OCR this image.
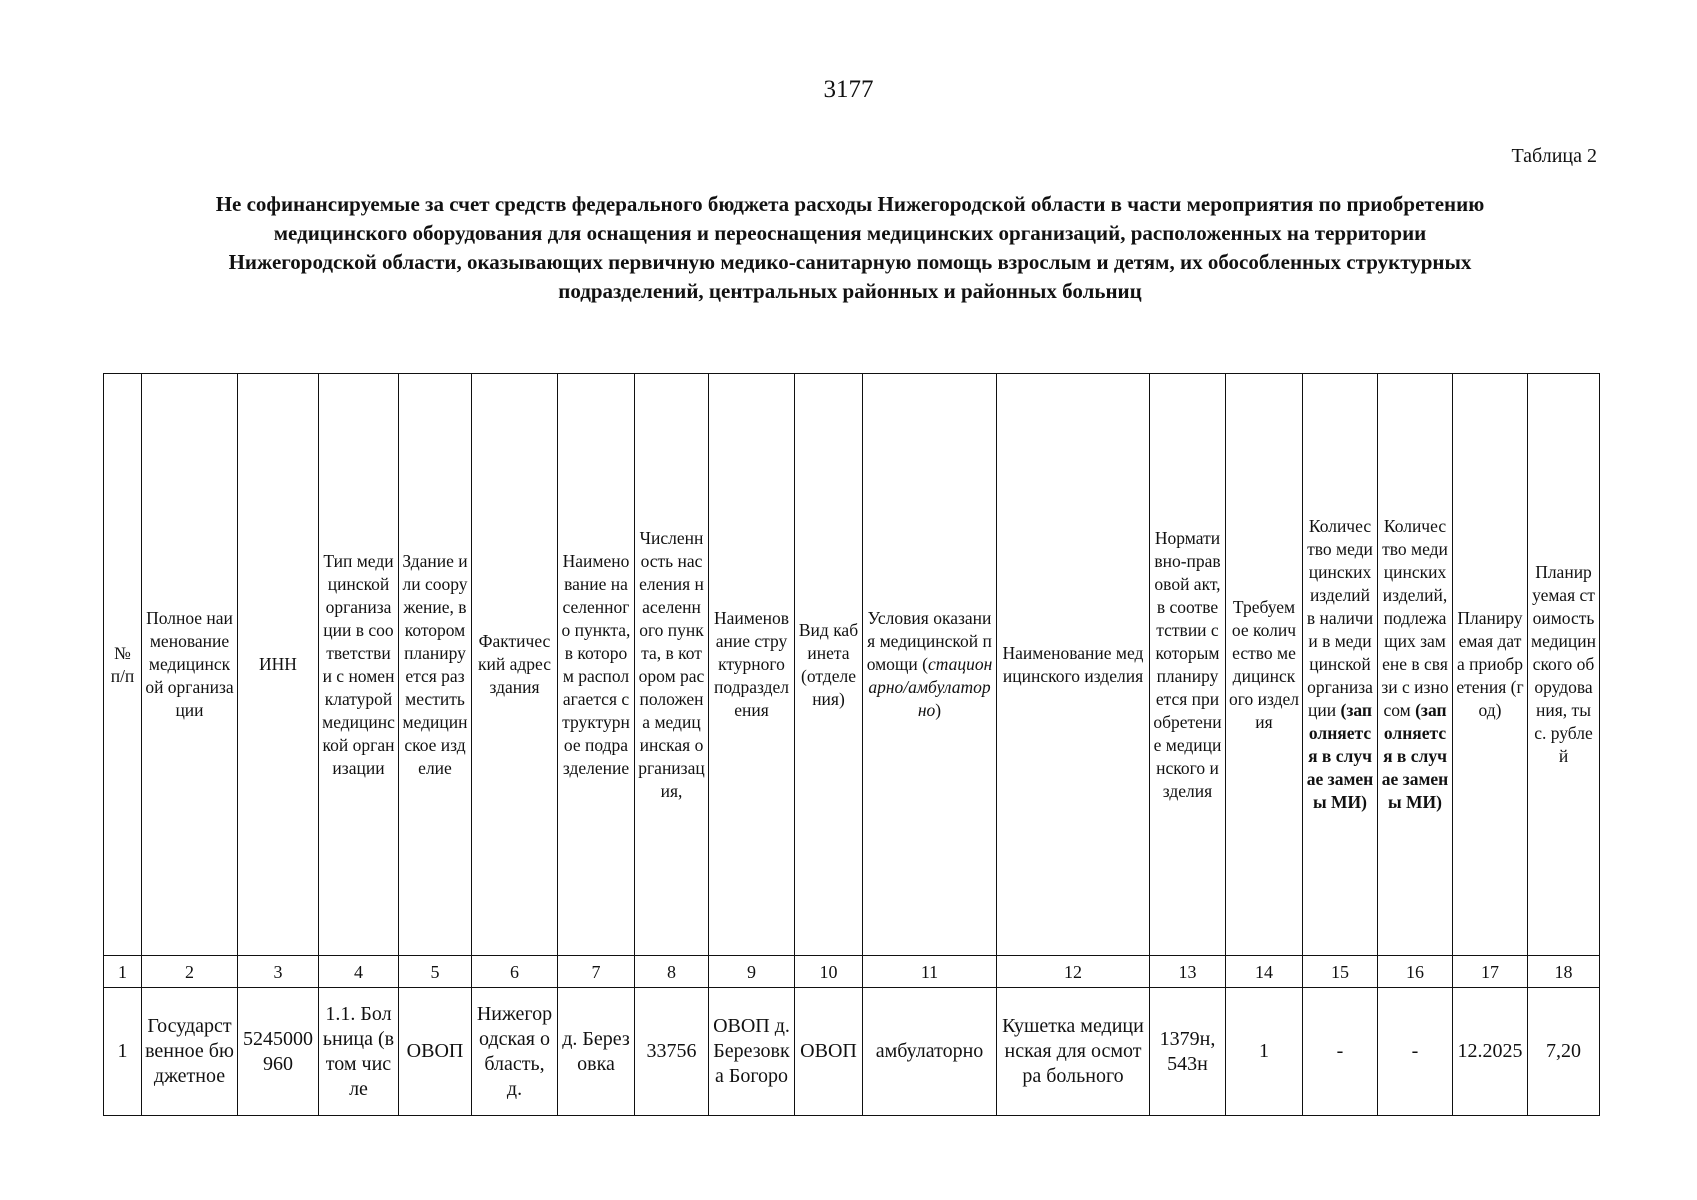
3177
Таблица 2
Не софинансируемые за счет средств федерального бюджета расходы Нижегородской области в части мероприятия по приобретению
медицинского оборудования для оснащения и переоснащения медицинских организаций, расположенных на территории
Нижегородской области, оказывающих первичную медико-санитарную помощь взрослым и детям, их обособленных структурных
подразделений, центральных районных и районных больниц
№ п/п	Полное наименование медицинской организации	ИНН	Тип медицинской организации в соответствии с номенклатурой медицинской организации	Здание или сооружение, в котором планируется разместить медицинское изделие	Фактический адрес здания	Наименование населенного пункта, в котором располагается структурное подразделение	Численность населения населенного пункта, в котором расположена медицинская организация,	Наименование структурного подразделения	Вид кабинета (отделения)	Условия оказания медицинской помощи (стационарно/амбулаторно)	Наименование медицинского изделия	Нормативно-правовой акт, в соответствии с которым планируется приобретение медицинского изделия	Требуемое количество медицинского изделия	Количество медицинских изделий в наличии в медицинской организации (заполняется в случае замены МИ)	Количество медицинских изделий, подлежащих замене в связи с износом (заполняется в случае замены МИ)	Планируемая дата приобретения (год)	Планируемая стоимость медицинского оборудования, тыс. рублей
1	2	3	4	5	6	7	8	9	10	11	12	13	14	15	16	17	18
1	Государственное бюджетное	5245000960	1.1. Больница (в том числе	ОВОП	Нижегородская область, д.	д. Березовка	33756	ОВОП д. Березовка Богоро	ОВОП	амбулаторно	Кушетка медицинская для осмотра больного	1379н, 543н	1	-	-	12.2025	7,20
